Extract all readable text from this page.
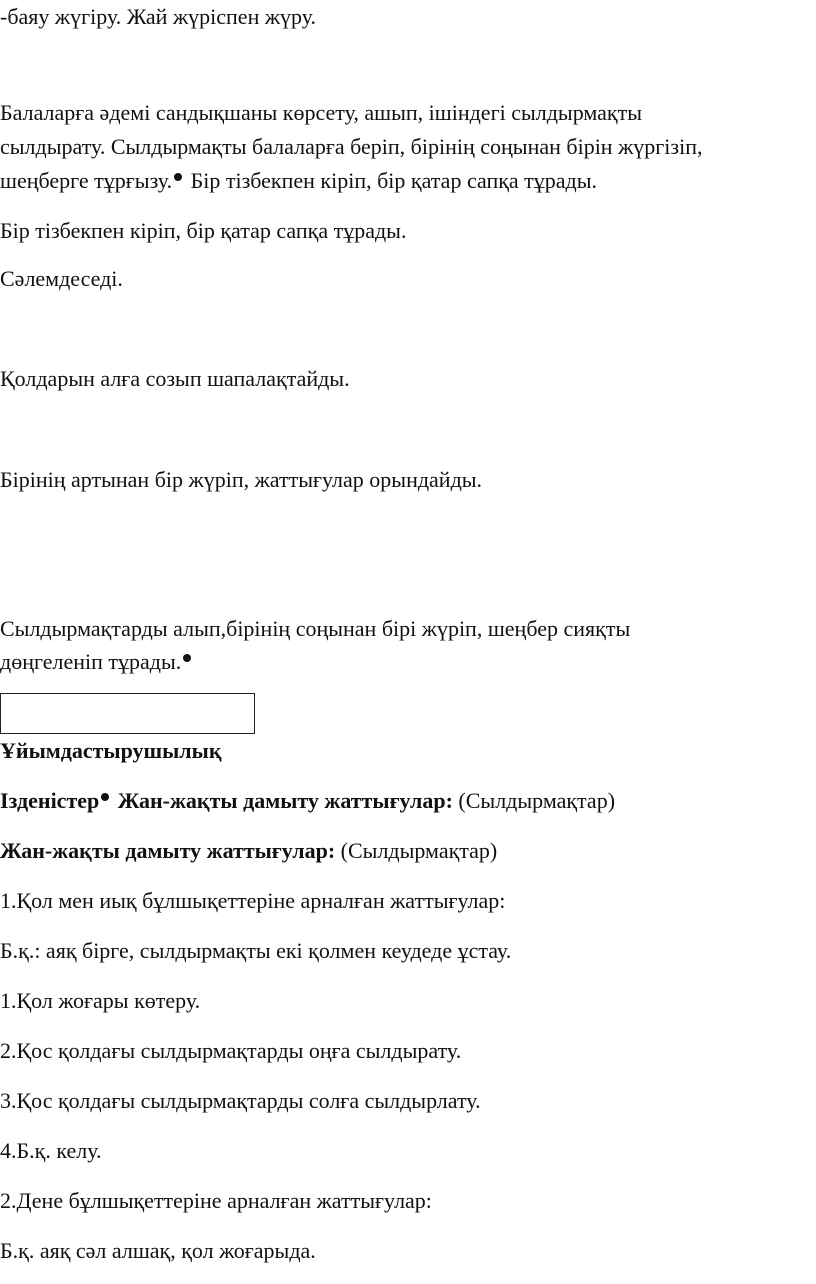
-баяу жүгіру. Жай жүріспен жүру.

Балаларға әдемі сандықшаны көрсету, ашып, ішіндегі сылдырмақты

сылдырату. Сылдырмақты балаларға беріп, бірінің соңынан бірін жүргізіп,

шеңберге тұрғызу. Бір тізбекпен кіріп, бір қатар сапқа тұрады.

Бір тізбекпен кіріп, бір қатар сапқа тұрады.

Сәлемдеседі.

Қолдарын алға созып шапалақтайды.

Бірінің артынан бір жүріп, жаттығулар орындайды.

Сылдырмақтарды алып,бірінің соңынан бірі жүріп, шеңбер сияқты

дөңгеленіп тұрады.

Ұйымдастырушылық

Ізденістер Жан-жақты дамыту жаттығулар: (Сылдырмақтар)

Жан-жақты дамыту жаттығулар: (Сылдырмақтар)

1.Қол мен иық бұлшықеттеріне арналған жаттығулар:

Б.қ.: аяқ бірге, сылдырмақты екі қолмен кеудеде ұстау.

1.Қол жоғары көтеру.

2.Қос қолдағы сылдырмақтарды оңға сылдырату.

3.Қос қолдағы сылдырмақтарды солға сылдырлату.

4.Б.қ. келу.

2.Дене бұлшықеттеріне арналған жаттығулар:

Б.қ. аяқ сәл алшақ, қол жоғарыда.
